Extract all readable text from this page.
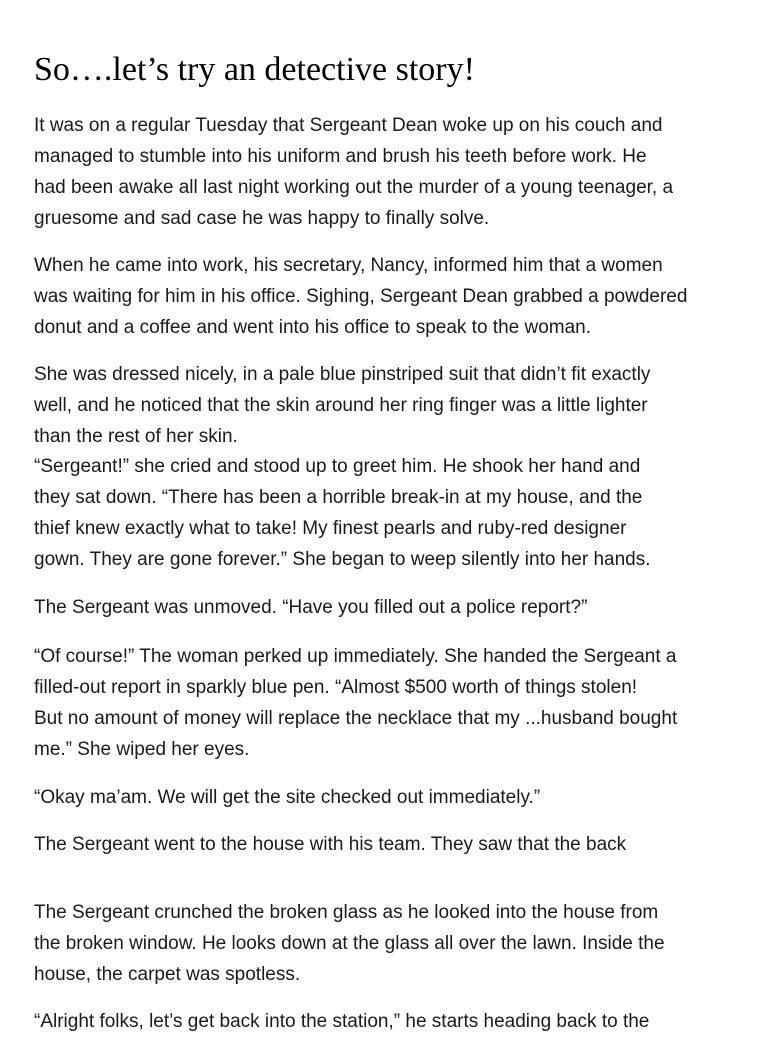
So….let’s try an detective story!

It was on a regular Tuesday that Sergeant Dean woke up on his couch and
managed to stumble into his uniform and brush his teeth before work. He
had been awake all last night working out the murder of a young teenager, a
gruesome and sad case he was happy to finally solve.

When he came into work, his secretary, Nancy, informed him that a women
was waiting for him in his office. Sighing, Sergeant Dean grabbed a powdered
donut and a coffee and went into his office to speak to the woman.

She was dressed nicely, in a pale blue pinstriped suit that didn’t fit exactly
well, and he noticed that the skin around her ring finger was a little lighter
than the rest of her skin.

“Sergeant!” she cried and stood up to greet him. He shook her hand and
they sat down. “There has been a horrible break-in at my house, and the
thief knew exactly what to take! My finest pearls and ruby-red designer
gown. They are gone forever.” She began to weep silently into her hands.

The Sergeant was unmoved. “Have you filled out a police report?”

“Of course!” The woman perked up immediately. She handed the Sergeant a
filled-out report in sparkly blue pen. “Almost $500 worth of things stolen!
But no amount of money will replace the necklace that my ...husband bought
me.” She wiped her eyes.

“Okay ma’am. We will get the site checked out immediately.”

The Sergeant went to the house with his team. They saw that the back

The Sergeant crunched the broken glass as he looked into the house from
the broken window. He looks down at the glass all over the lawn. Inside the
house, the carpet was spotless.

“Alright folks, let’s get back into the station,” he starts heading back to the
